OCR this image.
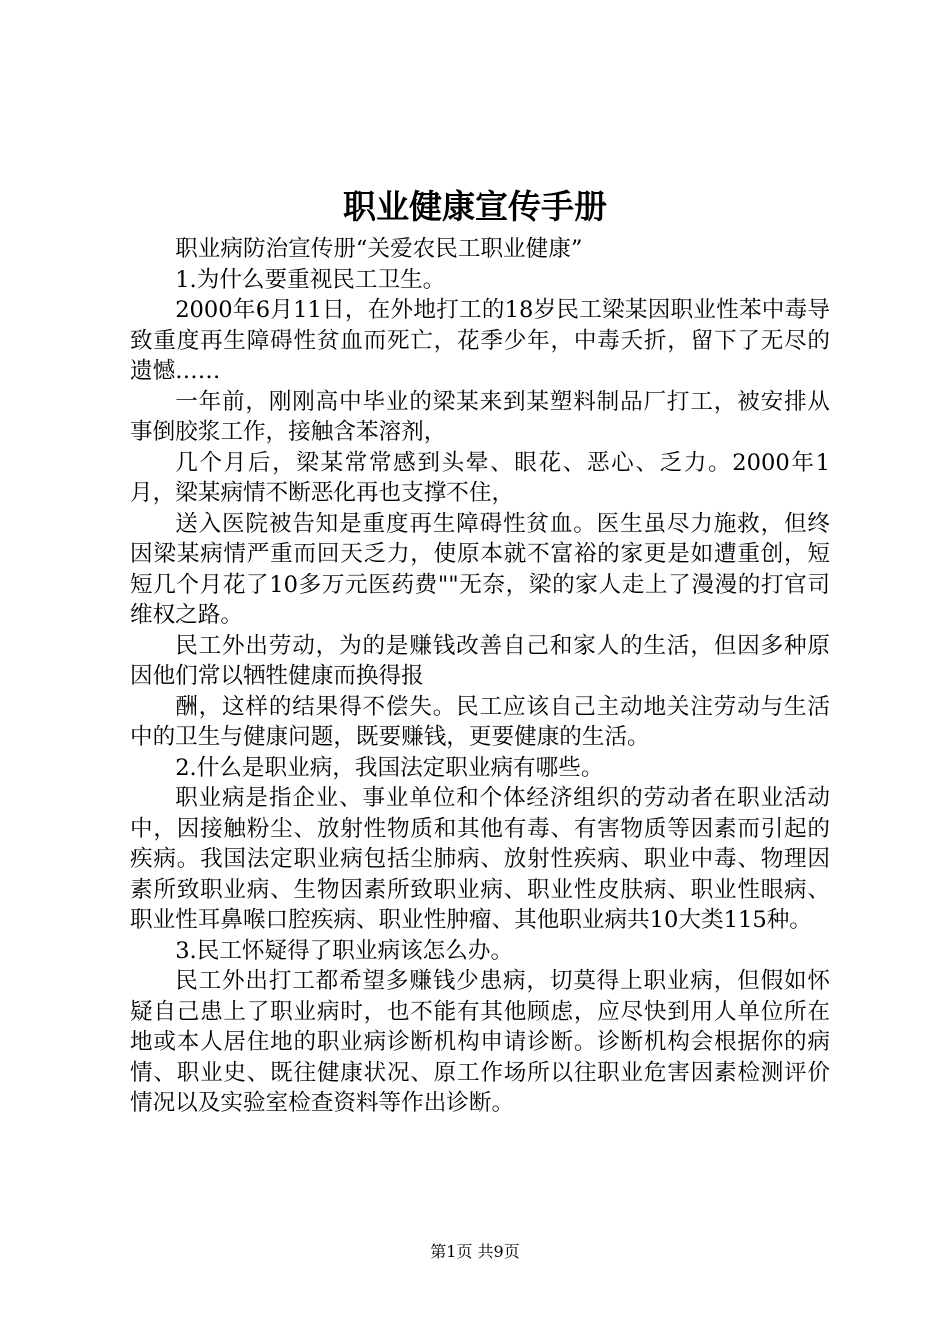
职业健康宣传手册

职业病防治宣传册“关爱农民工职业健康”

1.为什么要重视民工卫生。

2000年6月11日，在外地打工的18岁民工梁某因职业性苯中毒导致重度再生障碍性贫血而死亡，花季少年，中毒夭折，留下了无尽的遗憾……

一年前，刚刚高中毕业的梁某来到某塑料制品厂打工，被安排从事倒胶浆工作，接触含苯溶剂，

几个月后，梁某常常感到头晕、眼花、恶心、乏力。2000年1月，梁某病情不断恶化再也支撑不住，

送入医院被告知是重度再生障碍性贫血。医生虽尽力施救，但终因梁某病情严重而回天乏力，使原本就不富裕的家更是如遭重创，短短几个月花了10多万元医药费""无奈，梁的家人走上了漫漫的打官司维权之路。

民工外出劳动，为的是赚钱改善自己和家人的生活，但因多种原因他们常以牺牲健康而换得报

酬，这样的结果得不偿失。民工应该自己主动地关注劳动与生活中的卫生与健康问题，既要赚钱，更要健康的生活。

2.什么是职业病，我国法定职业病有哪些。

职业病是指企业、事业单位和个体经济组织的劳动者在职业活动中，因接触粉尘、放射性物质和其他有毒、有害物质等因素而引起的疾病。我国法定职业病包括尘肺病、放射性疾病、职业中毒、物理因素所致职业病、生物因素所致职业病、职业性皮肤病、职业性眼病、职业性耳鼻喉口腔疾病、职业性肿瘤、其他职业病共10大类115种。

3.民工怀疑得了职业病该怎么办。

民工外出打工都希望多赚钱少患病，切莫得上职业病，但假如怀疑自己患上了职业病时，也不能有其他顾虑，应尽快到用人单位所在地或本人居住地的职业病诊断机构申请诊断。诊断机构会根据你的病情、职业史、既往健康状况、原工作场所以往职业危害因素检测评价情况以及实验室检查资料等作出诊断。

第1页 共9页
